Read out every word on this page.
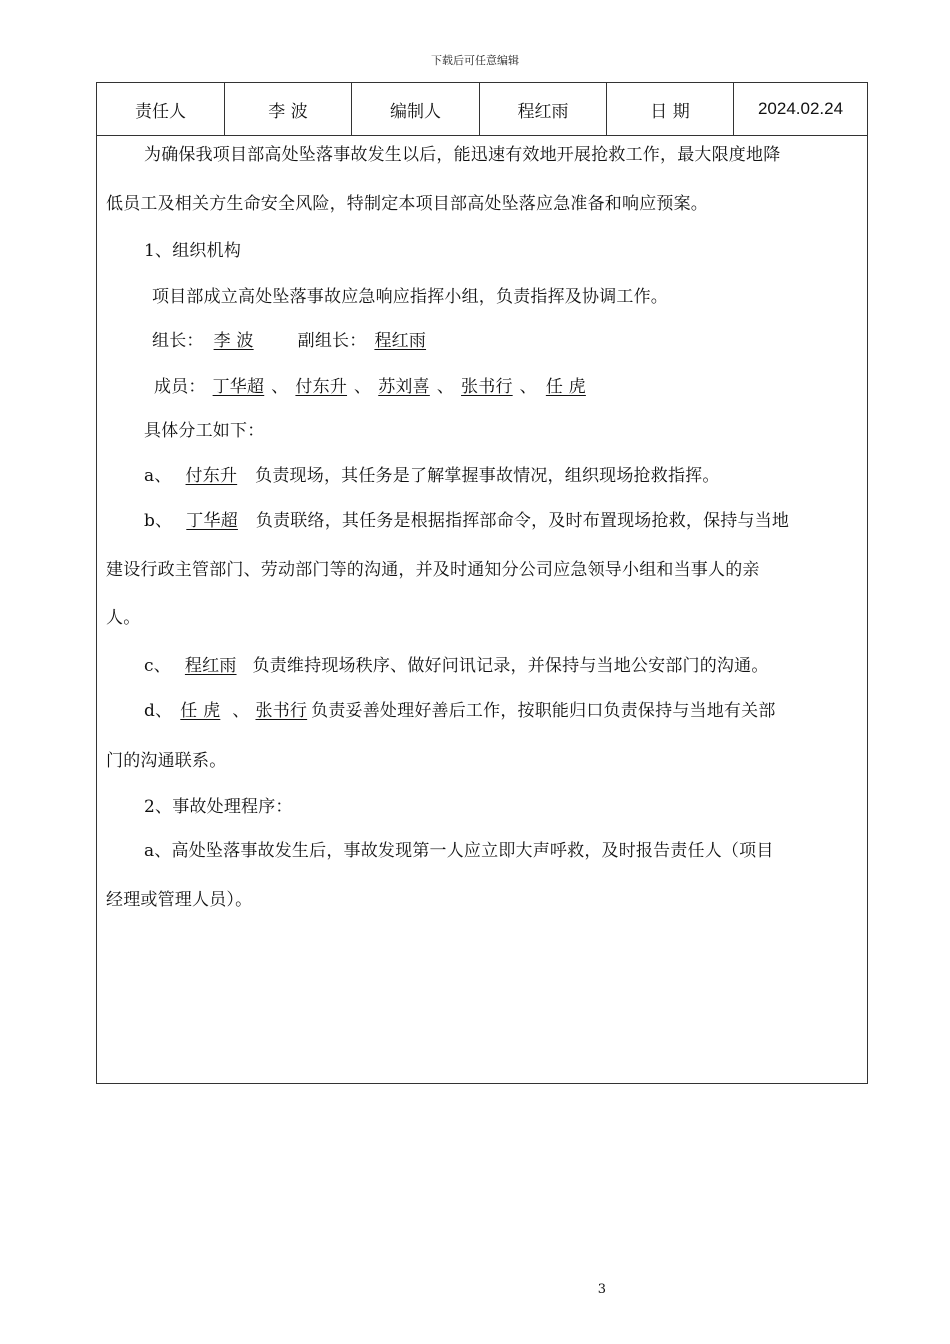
下载后可任意编辑
责任人	李 波	编制人	程红雨	日 期	2024.02.24
为确保我项目部高处坠落事故发生以后，能迅速有效地开展抢救工作，最大限度地降
低员工及相关方生命安全风险，特制定本项目部高处坠落应急准备和响应预案。
1、组织机构
项目部成立高处坠落事故应急响应指挥小组，负责指挥及协调工作。
组长： 李 波	副组长： 程红雨
成员： 丁华超 、 付东升 、 苏刘喜 、 张书行 、 任 虎
具体分工如下：
a、 付东升 负责现场，其任务是了解掌握事故情况，组织现场抢救指挥。
b、 丁华超 负责联络，其任务是根据指挥部命令，及时布置现场抢救，保持与当地
建设行政主管部门、劳动部门等的沟通，并及时通知分公司应急领导小组和当事人的亲
人。
c、 程红雨 负责维持现场秩序、做好问讯记录，并保持与当地公安部门的沟通。
d、 任 虎 、 张书行 负责妥善处理好善后工作，按职能归口负责保持与当地有关部
门的沟通联系。
2、事故处理程序：
a、高处坠落事故发生后，事故发现第一人应立即大声呼救，及时报告责任人（项目
经理或管理人员）。
3
